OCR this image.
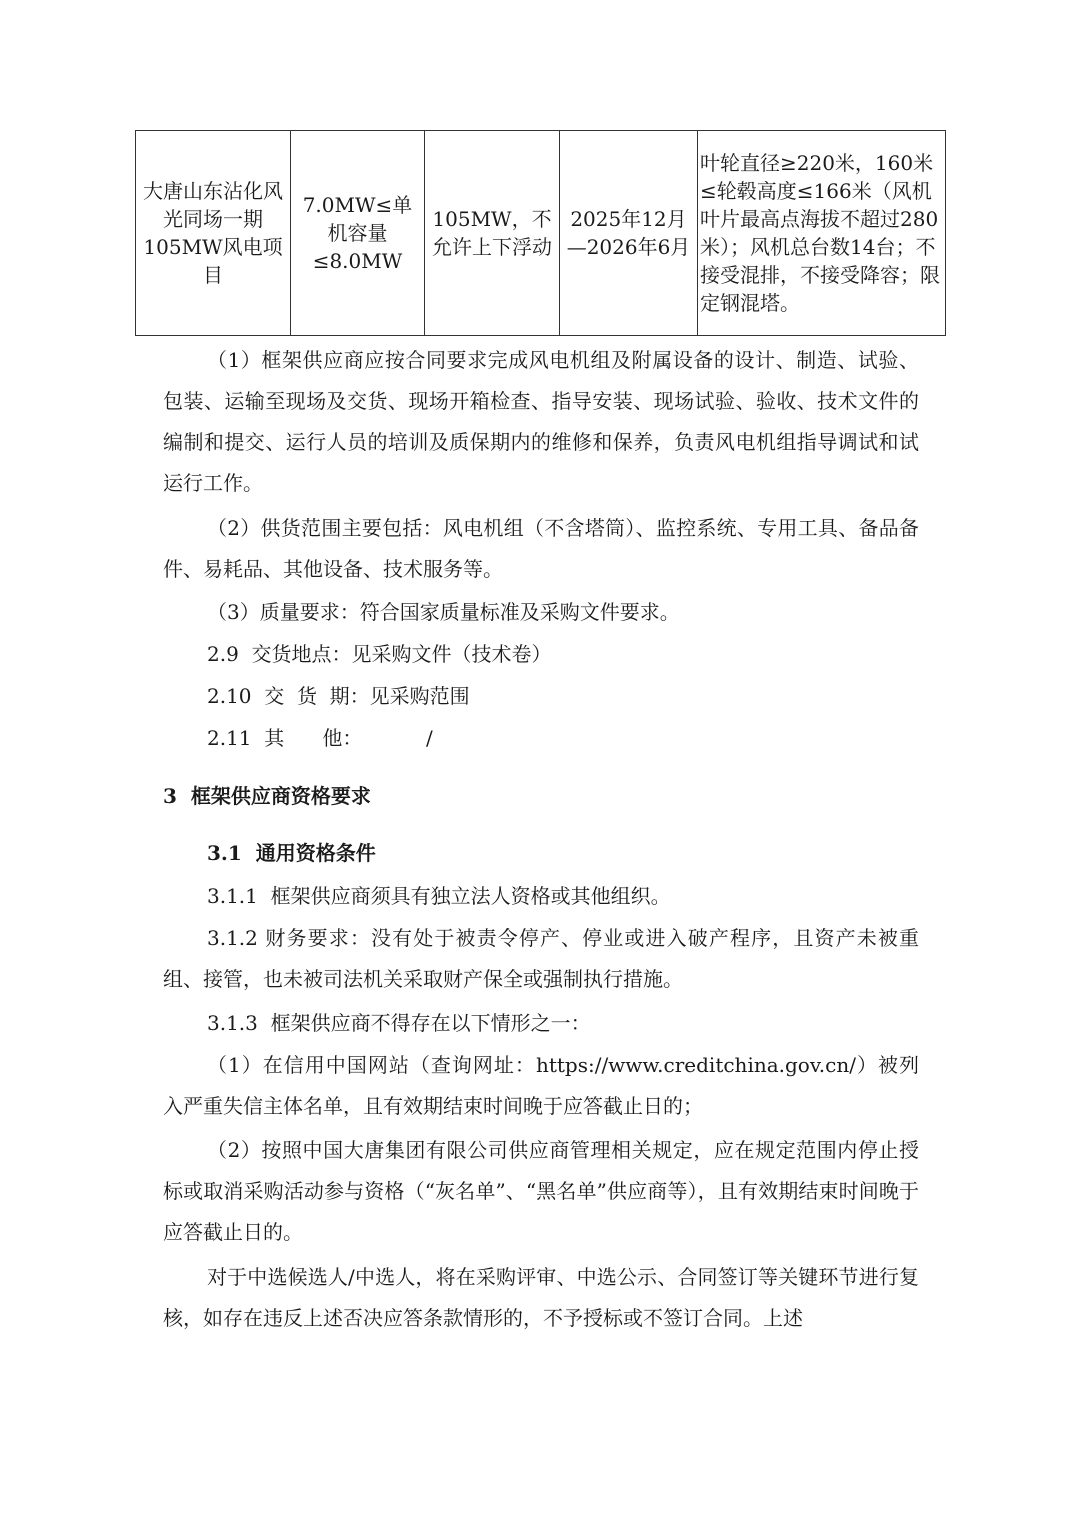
大唐山东沾化风光同场一期105MW风电项目	7.0MW≤单机容量≤8.0MW	105MW，不允许上下浮动	2025年12月—2026年6月	叶轮直径≥220米，160米≤轮毂高度≤166米（风机叶片最高点海拔不超过280米）；风机总台数14台；不接受混排，不接受降容；限定钢混塔。

（1）框架供应商应按合同要求完成风电机组及附属设备的设计、制造、试验、包装、运输至现场及交货、现场开箱检查、指导安装、现场试验、验收、技术文件的编制和提交、运行人员的培训及质保期内的维修和保养，负责风电机组指导调试和试运行工作。

（2）供货范围主要包括：风电机组（不含塔筒）、监控系统、专用工具、备品备件、易耗品、其他设备、技术服务等。

（3）质量要求：符合国家质量标准及采购文件要求。

2.9  交货地点：见采购文件（技术卷）

2.10  交  货  期：见采购范围

2.11  其      他：          /

3  框架供应商资格要求

3.1  通用资格条件

3.1.1  框架供应商须具有独立法人资格或其他组织。

3.1.2 财务要求：没有处于被责令停产、停业或进入破产程序，且资产未被重组、接管，也未被司法机关采取财产保全或强制执行措施。

3.1.3  框架供应商不得存在以下情形之一：

（1）在信用中国网站（查询网址：https://www.creditchina.gov.cn/）被列入严重失信主体名单，且有效期结束时间晚于应答截止日的；

（2）按照中国大唐集团有限公司供应商管理相关规定，应在规定范围内停止授标或取消采购活动参与资格（“灰名单”、“黑名单”供应商等），且有效期结束时间晚于应答截止日的。

对于中选候选人/中选人，将在采购评审、中选公示、合同签订等关键环节进行复核，如存在违反上述否决应答条款情形的，不予授标或不签订合同。上述
